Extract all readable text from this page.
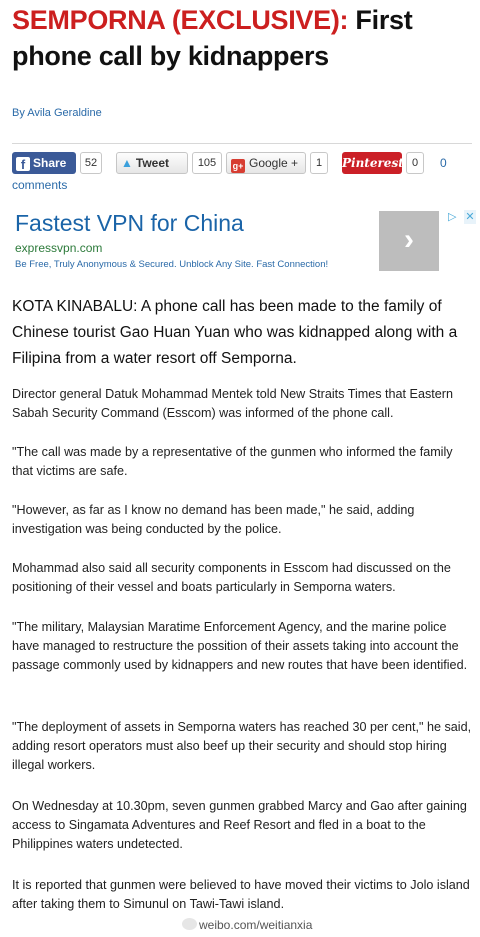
SEMPORNA (EXCLUSIVE): First phone call by kidnappers
By Avila Geraldine
f Share	52	▲ Tweet	105	g+ Google +	1	Pinterest 0	0
comments
Fastest VPN for China
expressvpn.com
Be Free, Truly Anonymous & Secured. Unblock Any Site. Fast Connection!
›
▷ ✕

KOTA KINABALU: A phone call has been made to the family of Chinese tourist Gao Huan Yuan who was kidnapped along with a Filipina from a water resort off Semporna.

Director general Datuk Mohammad Mentek told New Straits Times that Eastern Sabah Security Command (Esscom) was informed of the phone call.

"The call was made by a representative of the gunmen who informed the family that victims are safe.

"However, as far as I know no demand has been made," he said, adding investigation was being conducted by the police.

Mohammad also said all security components in Esscom had discussed on the positioning of their vessel and boats particularly in Semporna waters.

"The military, Malaysian Maratime Enforcement Agency, and the marine police have managed to restructure the possition of their assets taking into account the passage commonly used by kidnappers and new routes that have been identified.

"The deployment of assets in Semporna waters has reached 30 per cent," he said, adding resort operators must also beef up their security and should stop hiring illegal workers.

On Wednesday at 10.30pm, seven gunmen grabbed Marcy and Gao after gaining access to Singamata Adventures and Reef Resort and fled in a boat to the Philippines waters undetected.

It is reported that gunmen were believed to have moved their victims to Jolo island after taking them to Simunul on Tawi-Tawi island.

weibo.com/weitianxia
